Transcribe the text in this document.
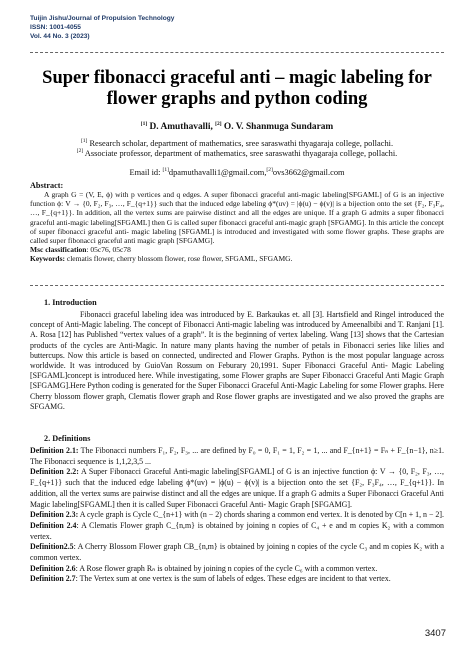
Tuijin Jishu/Journal of Propulsion Technology
ISSN: 1001-4055
Vol. 44 No. 3 (2023)
Super fibonacci graceful anti – magic labeling for
flower graphs and python coding
[1] D. Amuthavalli, [2] O. V. Shanmuga Sundaram
[1] Research scholar, department of mathematics, sree saraswathi thyagaraja college, pollachi.
[2] Associate professor, department of mathematics, sree saraswathi thyagaraja college, pollachi.
Email id: [1]dpamuthavalli1@gmail.com,[2]ovs3662@gmail.com
Abstract:

A graph G = (V, E, ϕ) with p vertices and q edges. A super fibonacci graceful anti-magic labeling[SFGAML] of G is an injective function ϕ: V → {0, F₂, F₃, …, F_{q+1}} such that the induced edge labeling ϕ*(uv) = |ϕ(u) − ϕ(v)| is a bijection onto the set {F₂, F₃F₄, …, F_{q+1}}. In addition, all the vertex sums are pairwise distinct and all the edges are unique. If a graph G admits a super fibonacci graceful anti-magic labeling[SFGAML] then G is called super fibonacci graceful anti-magic graph [SFGAMG]. In this article the concept of super fibonacci graceful anti- magic labeling [SFGAML] is introduced and investigated with some flower graphs. These graphs are called super fibonacci graceful anti magic graph [SFGAMG].

Msc classification: 05c76, 05c78

Keywords: clematis flower, cherry blossom flower, rose flower, SFGAML, SFGAMG.

1. Introduction

Fibonacci graceful labeling idea was introduced by E. Barkaukas et. all [3]. Hartsfield and Ringel introduced the concept of Anti-Magic labeling. The concept of Fibonacci Anti-magic labeling was introduced by Ameenalbibi and T. Ranjani [1]. A. Rosa [12] has Published “vertex values of a graph”. It is the beginning of vertex labeling. Wang [13] shows that the Cartesian products of the cycles are Anti-Magic. In nature many plants having the number of petals in Fibonacci series like lilies and buttercups. Now this article is based on connected, undirected and Flower Graphs. Python is the most popular language across worldwide. It was introduced by GuioVan Rossum on Feburary 20,1991. Super Fibonacci Graceful Anti- Magic Labeling [SFGAML]concept is introduced here. While investigating, some Flower graphs are Super Fibonacci Graceful Anti Magic Graph [SFGAMG].Here Python coding is generated for the Super Fibonacci Graceful Anti-Magic Labeling for some Flower graphs. Here Cherry blossom flower graph, Clematis flower graph and Rose flower graphs are investigated and we also proved the graphs are SFGAMG.

2. Definitions

Definition 2.1: The Fibonacci numbers F₁, F₂, F₃, ... are defined by F₀ = 0, F₁ = 1, F₂ = 1, ... and F_{n+1} = Fₙ + F_{n−1}, n≥1. The Fibonacci sequence is 1,1,2,3,5 ...

Definition 2.2: A Super Fibonacci Graceful Anti-magic labeling[SFGAML] of G is an injective function ϕ: V → {0, F₂, F₃, …, F_{q+1}} such that the induced edge labeling ϕ*(uv) = |ϕ(u) − ϕ(v)| is a bijection onto the set {F₂, F₃F₄, …, F_{q+1}}. In addition, all the vertex sums are pairwise distinct and all the edges are unique. If a graph G admits a Super Fibonacci Graceful Anti Magic labeling[SFGAML] then it is called Super Fibonacci Graceful Anti- Magic Graph [SFGAMG].

Definition 2.3: A cycle graph is Cycle C_{n+1} with (n − 2) chords sharing a common end vertex. It is denoted by C[n + 1, n − 2].

Definition 2.4: A Clematis Flower graph C_{n,m} is obtained by joining n copies of C₄ + e and m copies K₂ with a common vertex.

Definition2.5: A Cherry Blossom Flower graph CB_{n,m} is obtained by joining n copies of the cycle C₃ and m copies K₂ with a common vertex.

Definition 2.6: A Rose flower graph Rₙ is obtained by joining n copies of the cycle C₆ with a common vertex.

Definition 2.7: The Vertex sum at one vertex is the sum of labels of edges. These edges are incident to that vertex.

3407
